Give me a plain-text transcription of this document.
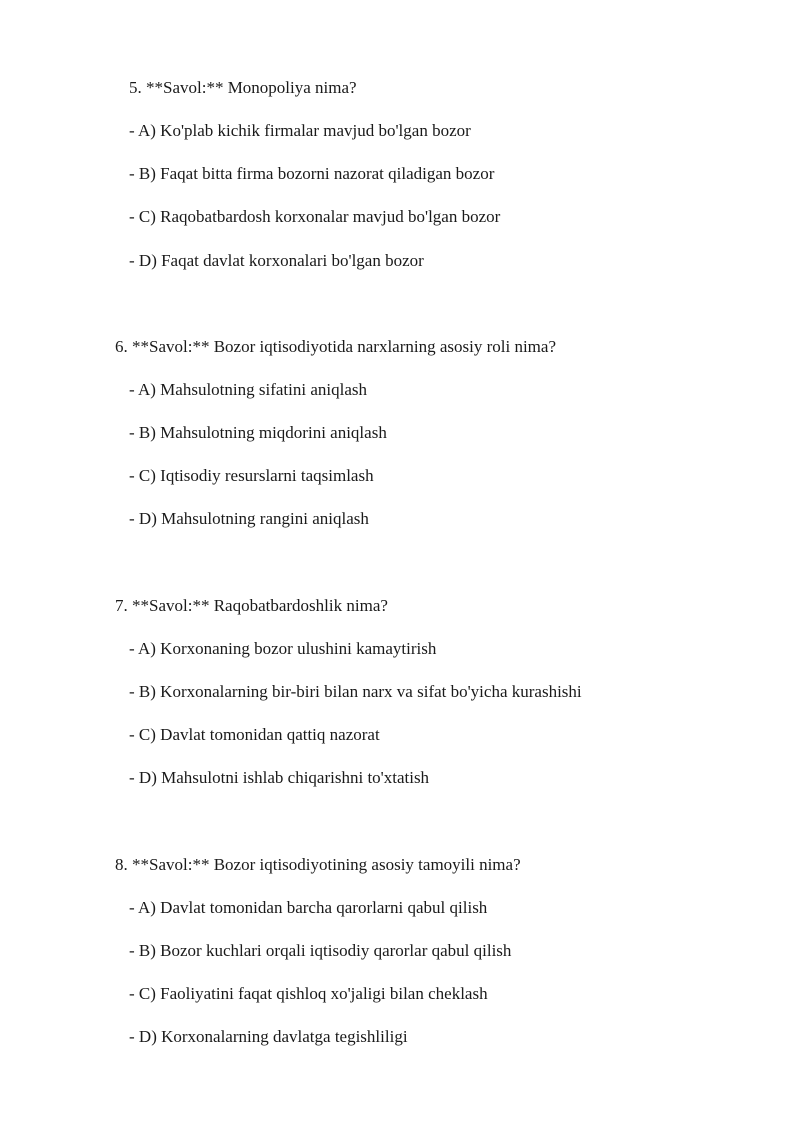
5. **Savol:** Monopoliya nima?
- A) Ko'plab kichik firmalar mavjud bo'lgan bozor
- B) Faqat bitta firma bozorni nazorat qiladigan bozor
- C) Raqobatbardosh korxonalar mavjud bo'lgan bozor
- D) Faqat davlat korxonalari bo'lgan bozor
6. **Savol:** Bozor iqtisodiyotida narxlarning asosiy roli nima?
- A) Mahsulotning sifatini aniqlash
- B) Mahsulotning miqdorini aniqlash
- C) Iqtisodiy resurslarni taqsimlash
- D) Mahsulotning rangini aniqlash
7. **Savol:** Raqobatbardoshlik nima?
- A) Korxonaning bozor ulushini kamaytirish
- B) Korxonalarning bir-biri bilan narx va sifat bo'yicha kurashishi
- C) Davlat tomonidan qattiq nazorat
- D) Mahsulotni ishlab chiqarishni to'xtatish
8. **Savol:** Bozor iqtisodiyotining asosiy tamoyili nima?
- A) Davlat tomonidan barcha qarorlarni qabul qilish
- B) Bozor kuchlari orqali iqtisodiy qarorlar qabul qilish
- C) Faoliyatini faqat qishloq xo'jaligi bilan cheklash
- D) Korxonalarning davlatga tegishliligi
